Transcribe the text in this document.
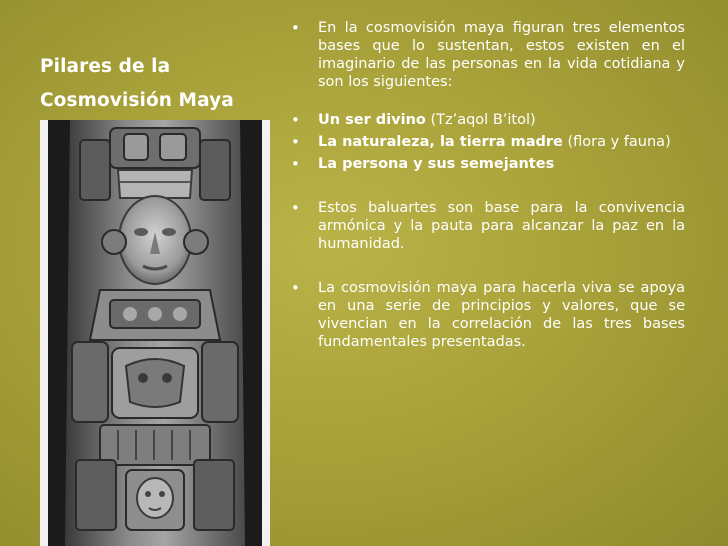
Pilares de la
Cosmovisión Maya
• En la cosmovisión maya figuran tres elementos bases que lo sustentan, estos existen en el imaginario de las personas en la vida cotidiana y son los siguientes:
• Un ser divino (Tz’aqol B’itol)
• La naturaleza, la tierra madre (flora y fauna)
• La persona y sus semejantes
• Estos baluartes son base para la convivencia armónica y la pauta para alcanzar la paz en la humanidad.
• La cosmovisión maya para hacerla viva se apoya en una serie de principios y valores, que se vivencian en la correlación de las tres bases fundamentales presentadas.
